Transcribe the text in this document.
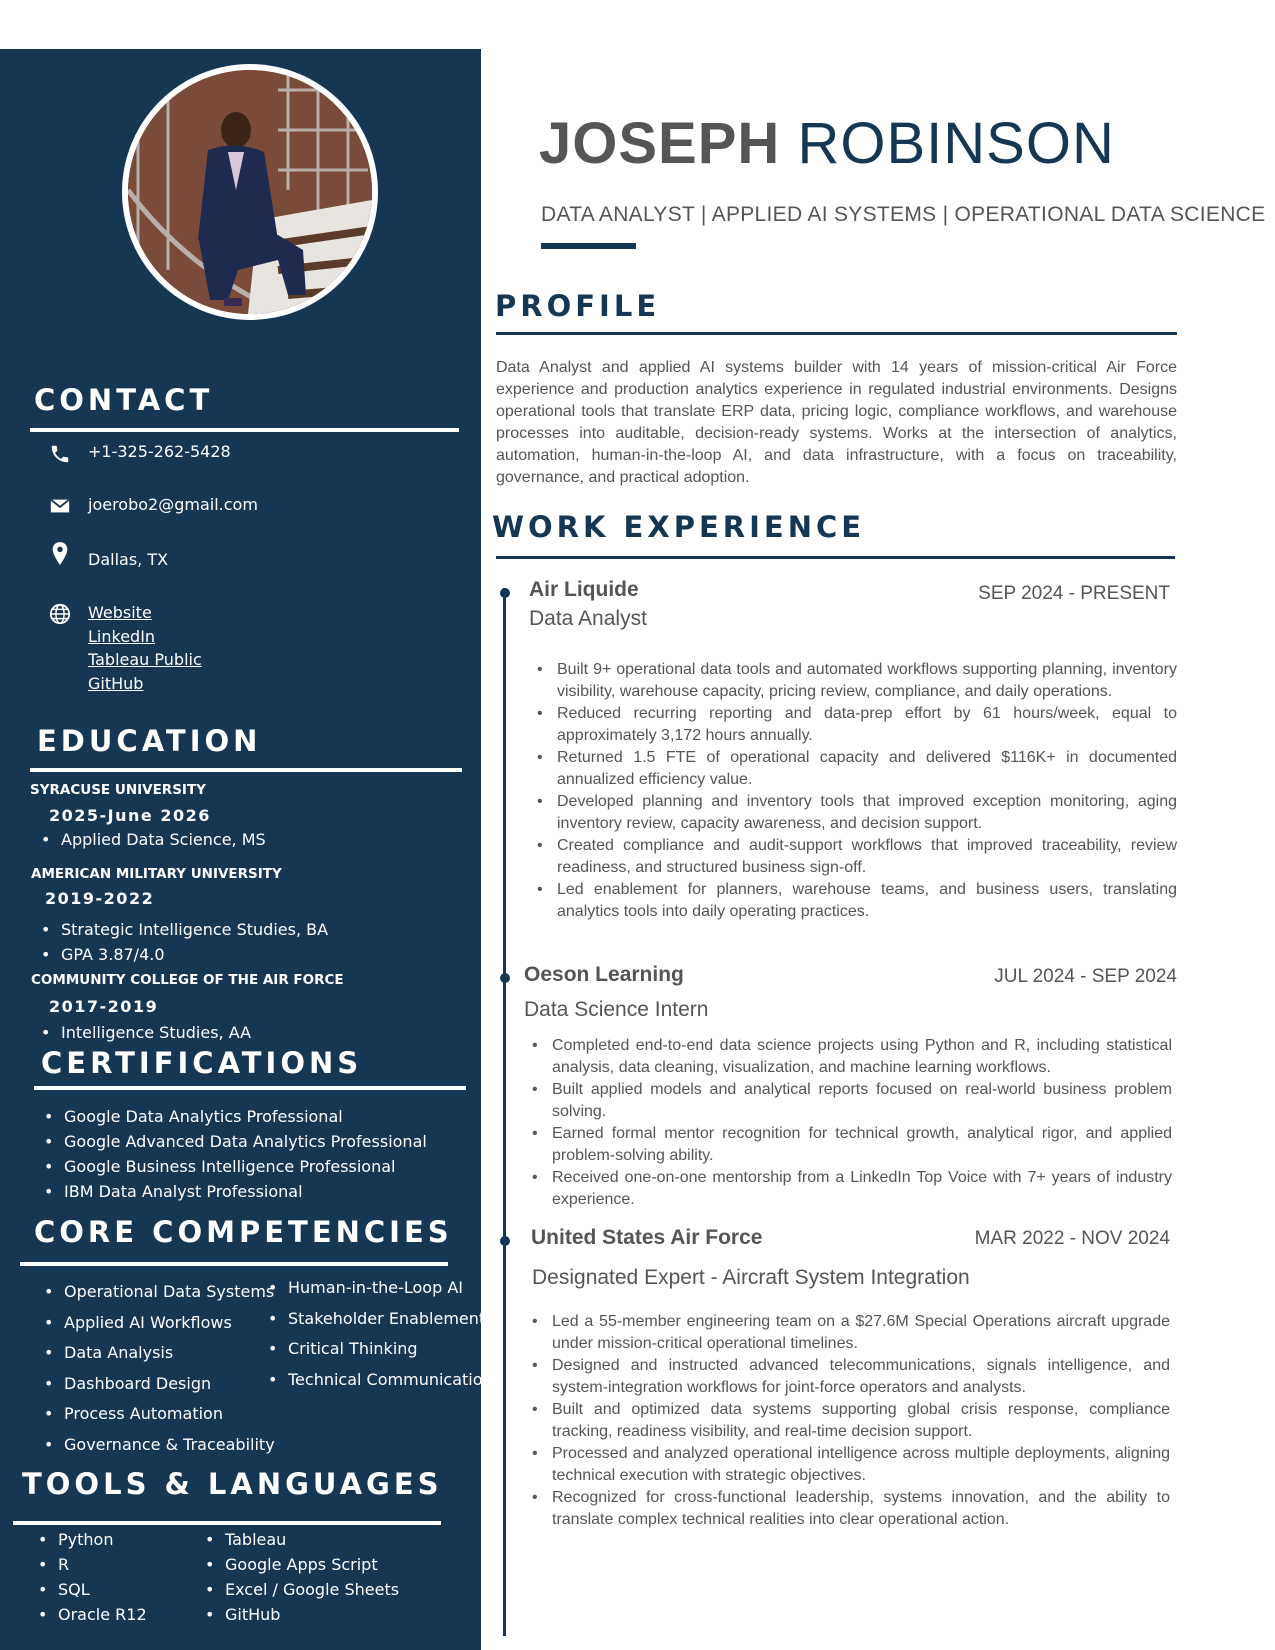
CONTACT
+1-325-262-5428
joerobo2@gmail.com
Dallas, TX
Website
LinkedIn
Tableau Public
GitHub
EDUCATION
SYRACUSE UNIVERSITY
2025-June 2026
• Applied Data Science, MS
AMERICAN MILITARY UNIVERSITY
2019-2022
• Strategic Intelligence Studies, BA
• GPA 3.87/4.0
COMMUNITY COLLEGE OF THE AIR FORCE
2017-2019
• Intelligence Studies, AA
CERTIFICATIONS
• Google Data Analytics Professional
• Google Advanced Data Analytics Professional
• Google Business Intelligence Professional
• IBM Data Analyst Professional
CORE COMPETENCIES
• Operational Data Systems
• Applied AI Workflows
• Data Analysis
• Dashboard Design
• Process Automation
• Governance & Traceability
• Human-in-the-Loop AI
• Stakeholder Enablement
• Critical Thinking
• Technical Communication
TOOLS & LANGUAGES
• Python
• R
• SQL
• Oracle R12
• Tableau
• Google Apps Script
• Excel / Google Sheets
• GitHub
JOSEPH ROBINSON
DATA ANALYST | APPLIED AI SYSTEMS | OPERATIONAL DATA SCIENCE
PROFILE

Data Analyst and applied AI systems builder with 14 years of mission-critical Air Force experience and production analytics experience in regulated industrial environments. Designs operational tools that translate ERP data, pricing logic, compliance workflows, and warehouse processes into auditable, decision-ready systems. Works at the intersection of analytics, automation, human-in-the-loop AI, and data infrastructure, with a focus on traceability, governance, and practical adoption.

WORK EXPERIENCE
Air Liquide	SEP 2024 - PRESENT
Data Analyst
• Built 9+ operational data tools and automated workflows supporting planning, inventory visibility, warehouse capacity, pricing review, compliance, and daily operations.
• Reduced recurring reporting and data-prep effort by 61 hours/week, equal to approximately 3,172 hours annually.
• Returned 1.5 FTE of operational capacity and delivered $116K+ in documented annualized efficiency value.
• Developed planning and inventory tools that improved exception monitoring, aging inventory review, capacity awareness, and decision support.
• Created compliance and audit-support workflows that improved traceability, review readiness, and structured business sign-off.
• Led enablement for planners, warehouse teams, and business users, translating analytics tools into daily operating practices.
Oeson Learning	JUL 2024 - SEP 2024
Data Science Intern
• Completed end-to-end data science projects using Python and R, including statistical analysis, data cleaning, visualization, and machine learning workflows.
• Built applied models and analytical reports focused on real-world business problem solving.
• Earned formal mentor recognition for technical growth, analytical rigor, and applied problem-solving ability.
• Received one-on-one mentorship from a LinkedIn Top Voice with 7+ years of industry experience.
United States Air Force	MAR 2022 - NOV 2024
Designated Expert - Aircraft System Integration
• Led a 55-member engineering team on a $27.6M Special Operations aircraft upgrade under mission-critical operational timelines.
• Designed and instructed advanced telecommunications, signals intelligence, and system-integration workflows for joint-force operators and analysts.
• Built and optimized data systems supporting global crisis response, compliance tracking, readiness visibility, and real-time decision support.
• Processed and analyzed operational intelligence across multiple deployments, aligning technical execution with strategic objectives.
• Recognized for cross-functional leadership, systems innovation, and the ability to translate complex technical realities into clear operational action.
